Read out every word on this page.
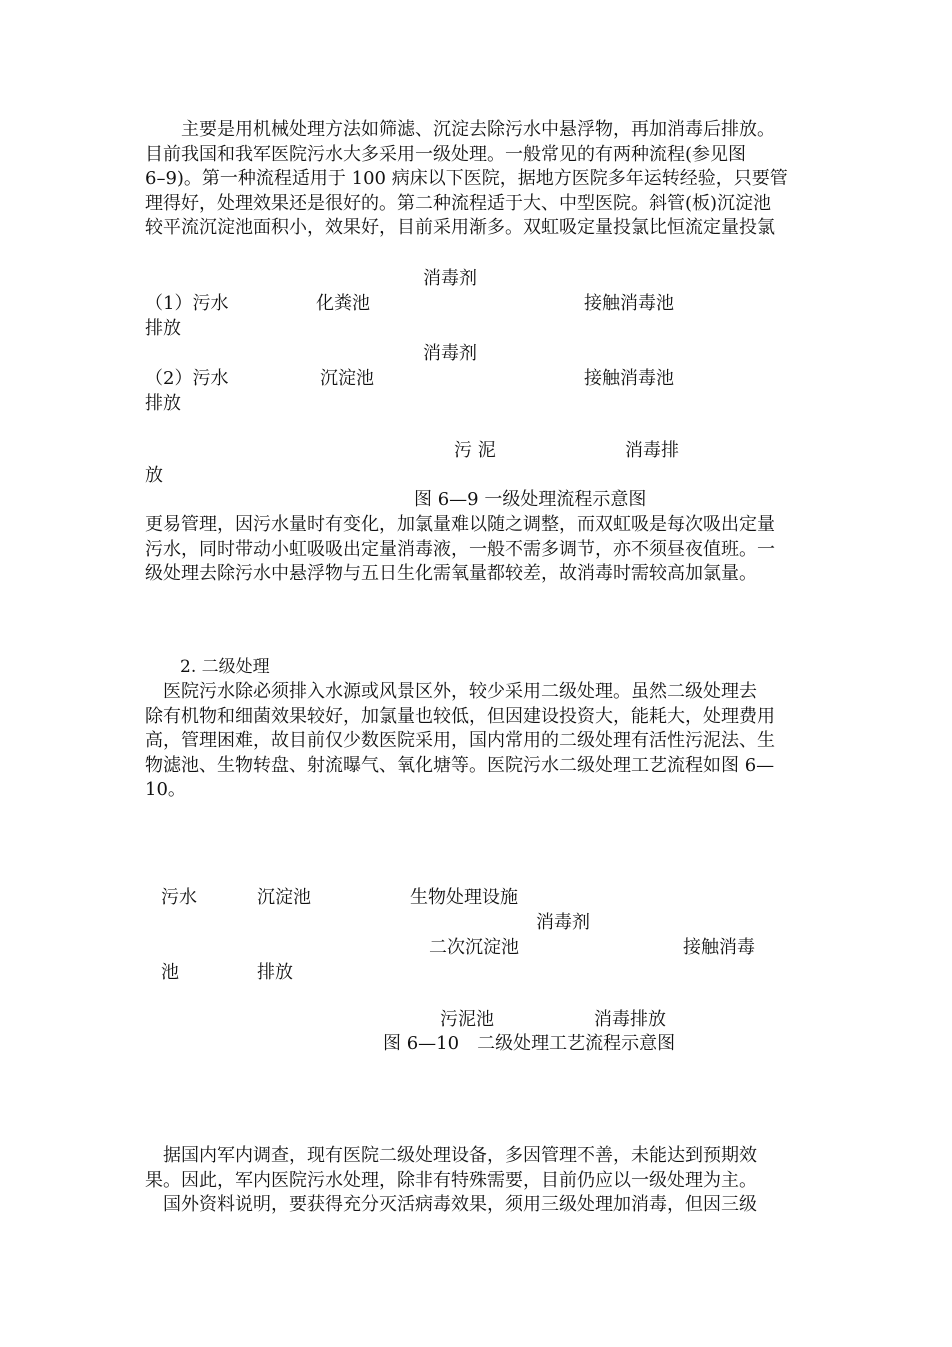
　　主要是用机械处理方法如筛滤、沉淀去除污水中悬浮物，再加消毒后排放。
目前我国和我军医院污水大多采用一级处理。一般常见的有两种流程(参见图
6–9)。第一种流程适用于 100 病床以下医院，据地方医院多年运转经验，只要管
理得好，处理效果还是很好的。第二种流程适于大、中型医院。斜管(板)沉淀池
较平流沉淀池面积小，效果好，目前采用渐多。双虹吸定量投氯比恒流定量投氯
消毒剂
（1）污水	化粪池	接触消毒池
排放
消毒剂
（2）污水	沉淀池	接触消毒池
排放
污 泥	消毒排
放
图 6—9 一级处理流程示意图
更易管理，因污水量时有变化，加氯量难以随之调整，而双虹吸是每次吸出定量
污水，同时带动小虹吸吸出定量消毒液，一般不需多调节，亦不须昼夜值班。一
级处理去除污水中悬浮物与五日生化需氧量都较差，故消毒时需较高加氯量。
2. 二级处理
　医院污水除必须排入水源或风景区外，较少采用二级处理。虽然二级处理去
除有机物和细菌效果较好，加氯量也较低，但因建设投资大，能耗大，处理费用
高，管理困难，故目前仅少数医院采用，国内常用的二级处理有活性污泥法、生
物滤池、生物转盘、射流曝气、氧化塘等。医院污水二级处理工艺流程如图 6—
10。
污水	沉淀池	生物处理设施
消毒剂
二次沉淀池	接触消毒
池	排放
污泥池	消毒排放
图 6—10　二级处理工艺流程示意图
　据国内军内调查，现有医院二级处理设备，多因管理不善，未能达到预期效
果。因此，军内医院污水处理，除非有特殊需要，目前仍应以一级处理为主。
　国外资料说明，要获得充分灭活病毒效果，须用三级处理加消毒，但因三级
